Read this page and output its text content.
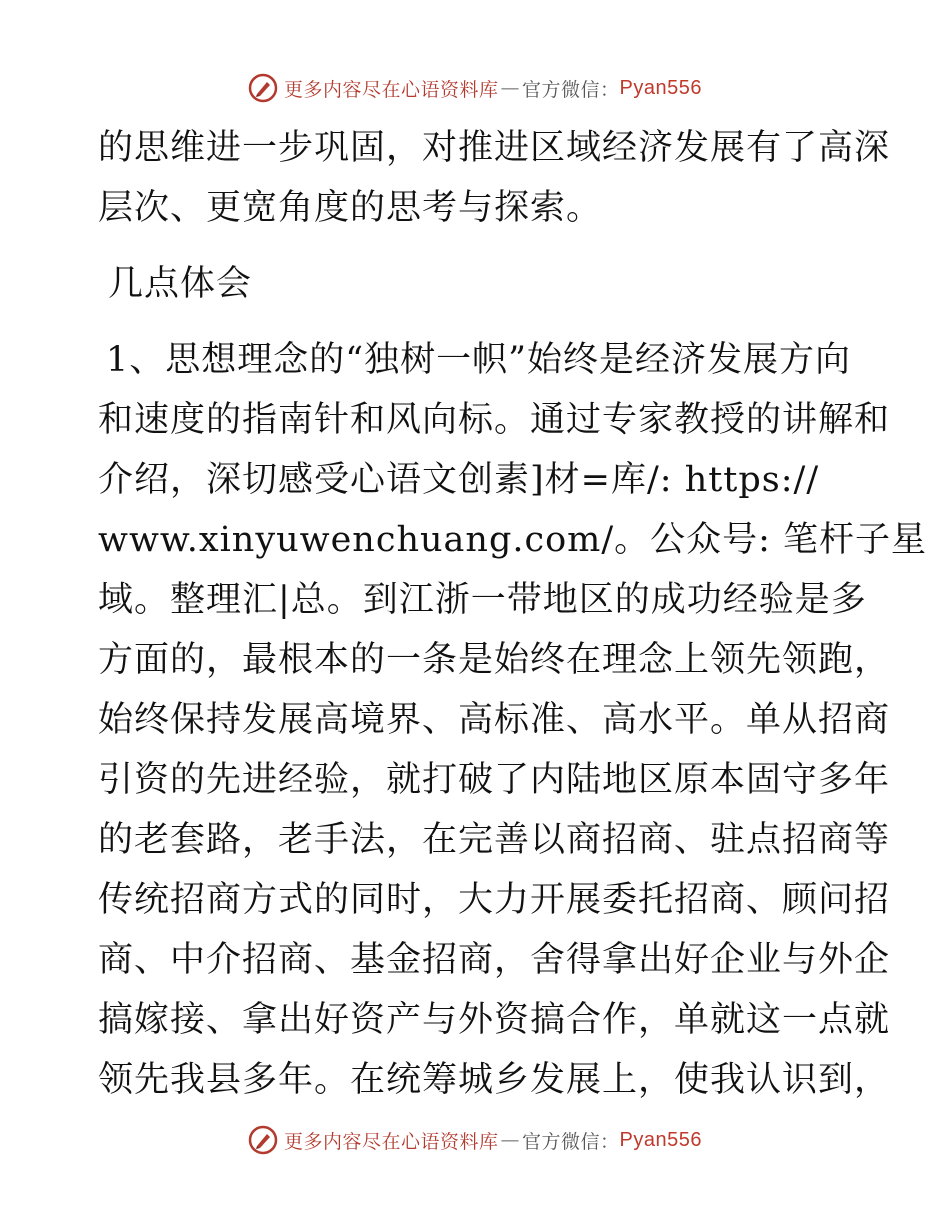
更多内容尽在心语资料库 — 官方微信： Pyan556
的思维进一步巩固，对推进区域经济发展有了高深
层次、更宽角度的思考与探索。
几点体会
1、思想理念的“独树一帜”始终是经济发展方向
和速度的指南针和风向标。通过专家教授的讲解和
介绍，深切感受心语文创素]材=库/: https://
www.xinyuwenchuang.com/。公众号: 笔杆子星
域。整理汇|总。到江浙一带地区的成功经验是多
方面的，最根本的一条是始终在理念上领先领跑，
始终保持发展高境界、高标准、高水平。单从招商
引资的先进经验，就打破了内陆地区原本固守多年
的老套路，老手法，在完善以商招商、驻点招商等
传统招商方式的同时，大力开展委托招商、顾问招
商、中介招商、基金招商，舍得拿出好企业与外企
搞嫁接、拿出好资产与外资搞合作，单就这一点就
领先我县多年。在统筹城乡发展上，使我认识到，
更多内容尽在心语资料库 — 官方微信： Pyan556
